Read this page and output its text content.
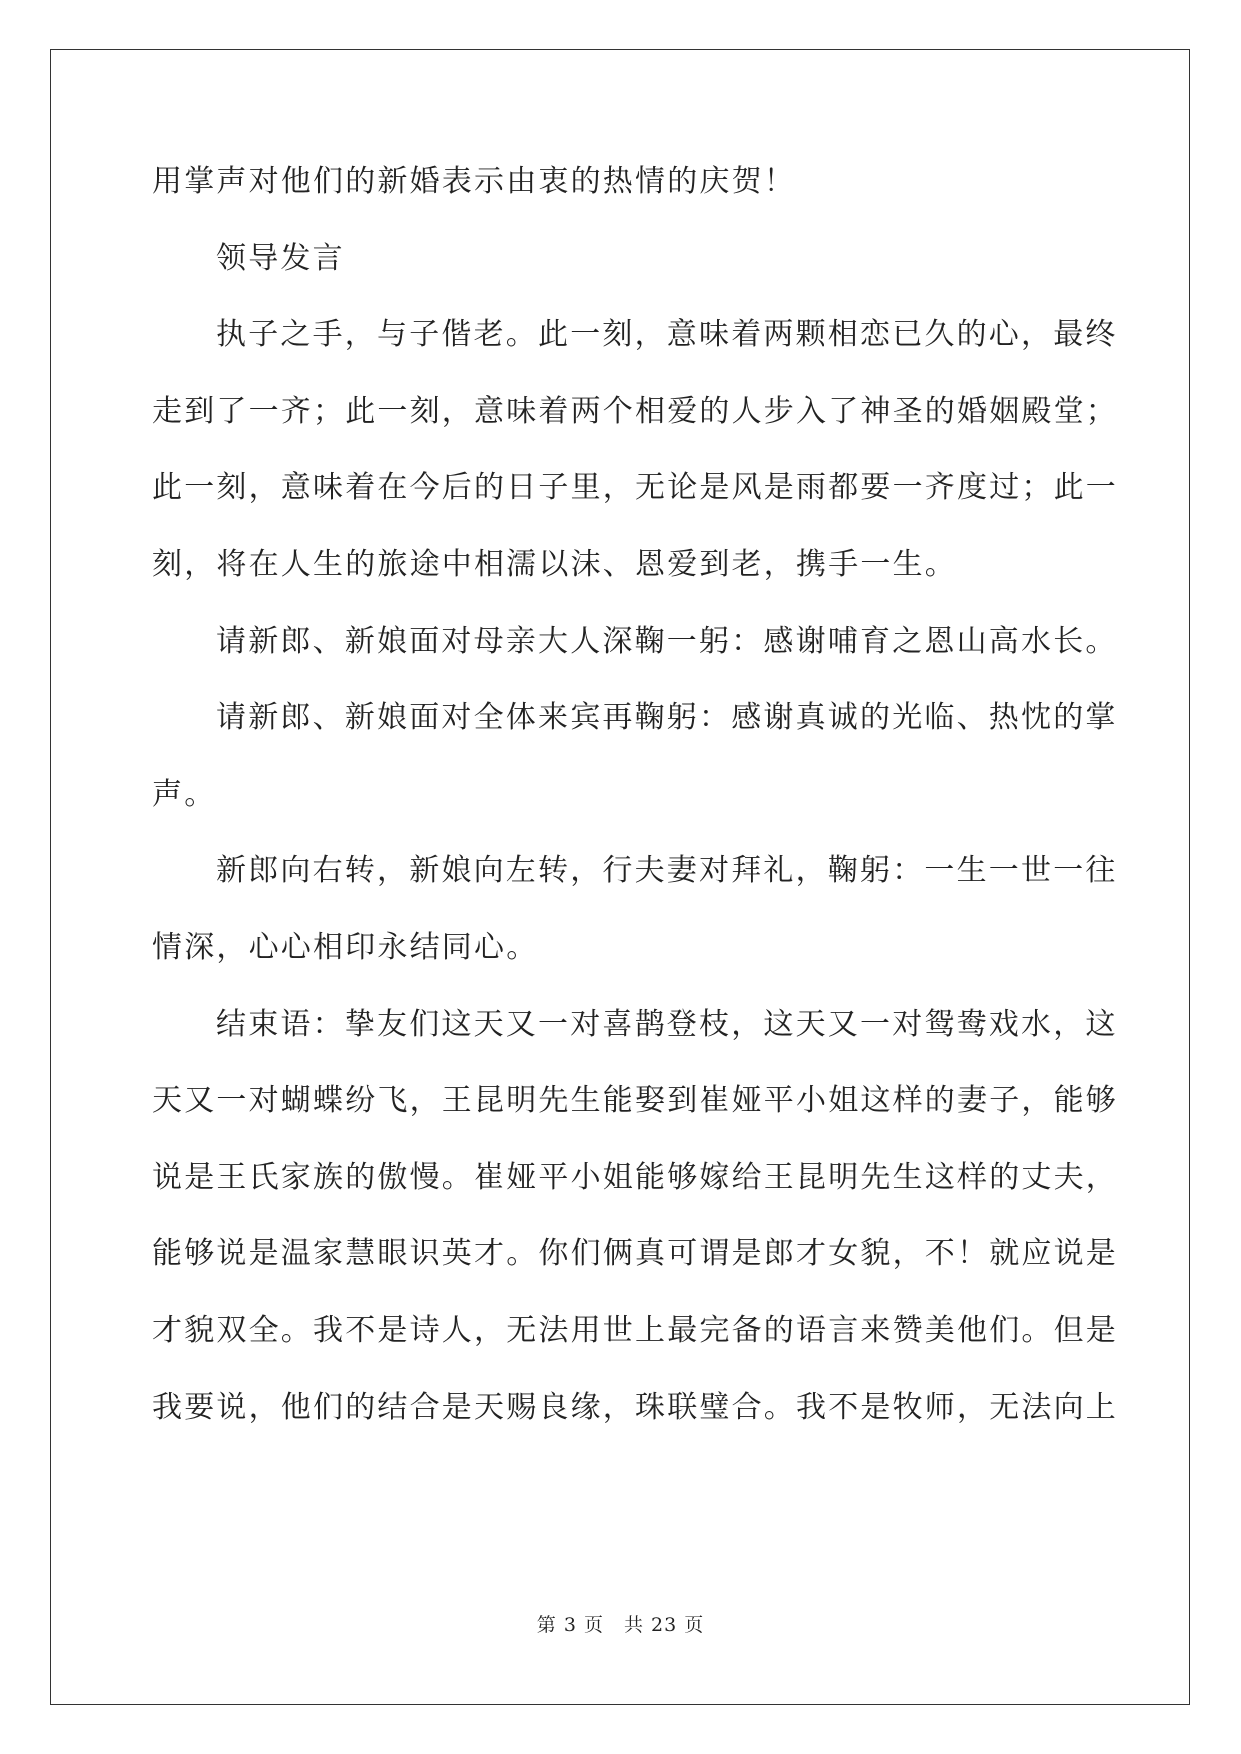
用掌声对他们的新婚表示由衷的热情的庆贺！
领导发言
执子之手，与子偕老。此一刻，意味着两颗相恋已久的心，最终
走到了一齐；此一刻，意味着两个相爱的人步入了神圣的婚姻殿堂；
此一刻，意味着在今后的日子里，无论是风是雨都要一齐度过；此一
刻，将在人生的旅途中相濡以沫、恩爱到老，携手一生。
请新郎、新娘面对母亲大人深鞠一躬：感谢哺育之恩山高水长。
请新郎、新娘面对全体来宾再鞠躬：感谢真诚的光临、热忱的掌
声。
新郎向右转，新娘向左转，行夫妻对拜礼，鞠躬：一生一世一往
情深，心心相印永结同心。
结束语：挚友们这天又一对喜鹊登枝，这天又一对鸳鸯戏水，这
天又一对蝴蝶纷飞，王昆明先生能娶到崔娅平小姐这样的妻子，能够
说是王氏家族的傲慢。崔娅平小姐能够嫁给王昆明先生这样的丈夫，
能够说是温家慧眼识英才。你们俩真可谓是郎才女貌，不！就应说是
才貌双全。我不是诗人，无法用世上最完备的语言来赞美他们。但是
我要说，他们的结合是天赐良缘，珠联璧合。我不是牧师，无法向上
第 3 页　共 23 页
